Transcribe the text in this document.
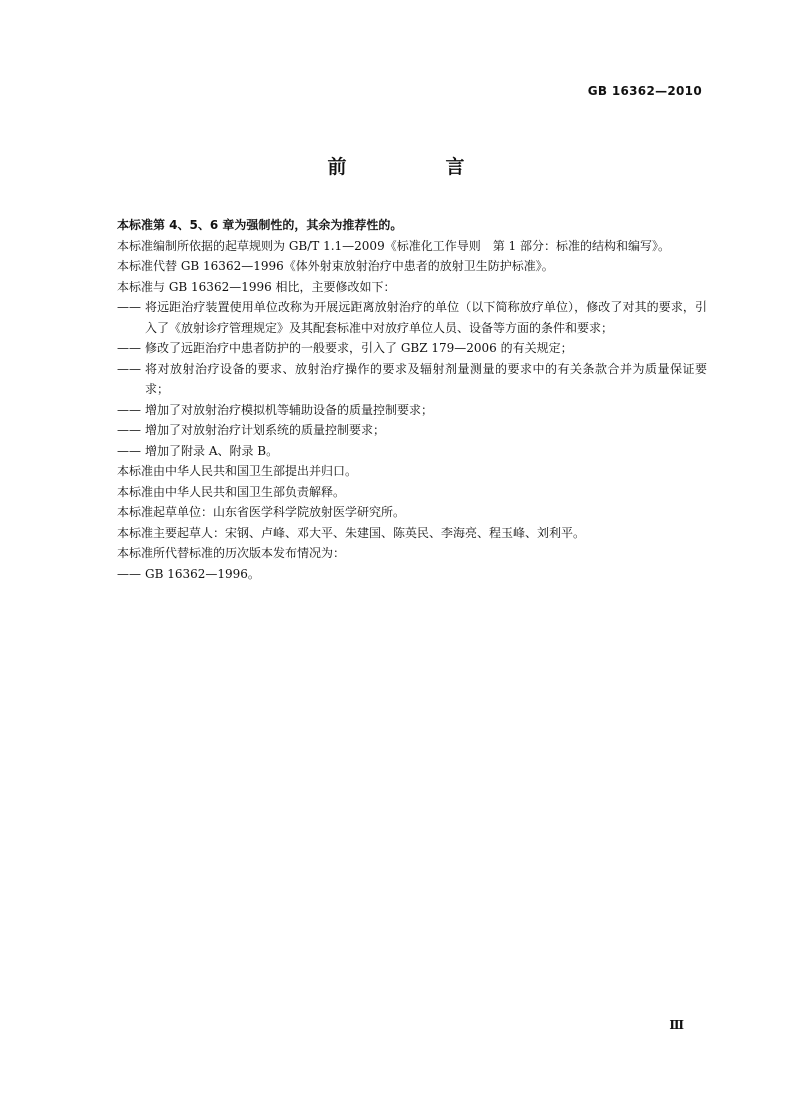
GB 16362—2010
前　言
本标准第 4、5、6 章为强制性的，其余为推荐性的。
本标准编制所依据的起草规则为 GB/T 1.1—2009《标准化工作导则　第 1 部分：标准的结构和编写》。
本标准代替 GB 16362—1996《体外射束放射治疗中患者的放射卫生防护标准》。
本标准与 GB 16362—1996 相比，主要修改如下：
—— 将远距治疗装置使用单位改称为开展远距离放射治疗的单位（以下简称放疗单位），修改了对其的要求，引入了《放射诊疗管理规定》及其配套标准中对放疗单位人员、设备等方面的条件和要求；
—— 修改了远距治疗中患者防护的一般要求，引入了 GBZ 179—2006 的有关规定；
—— 将对放射治疗设备的要求、放射治疗操作的要求及辐射剂量测量的要求中的有关条款合并为质量保证要求；
—— 增加了对放射治疗模拟机等辅助设备的质量控制要求；
—— 增加了对放射治疗计划系统的质量控制要求；
—— 增加了附录 A、附录 B。
本标准由中华人民共和国卫生部提出并归口。
本标准由中华人民共和国卫生部负责解释。
本标准起草单位：山东省医学科学院放射医学研究所。
本标准主要起草人：宋钢、卢峰、邓大平、朱建国、陈英民、李海亮、程玉峰、刘利平。
本标准所代替标准的历次版本发布情况为：
—— GB 16362—1996。
Ⅲ
